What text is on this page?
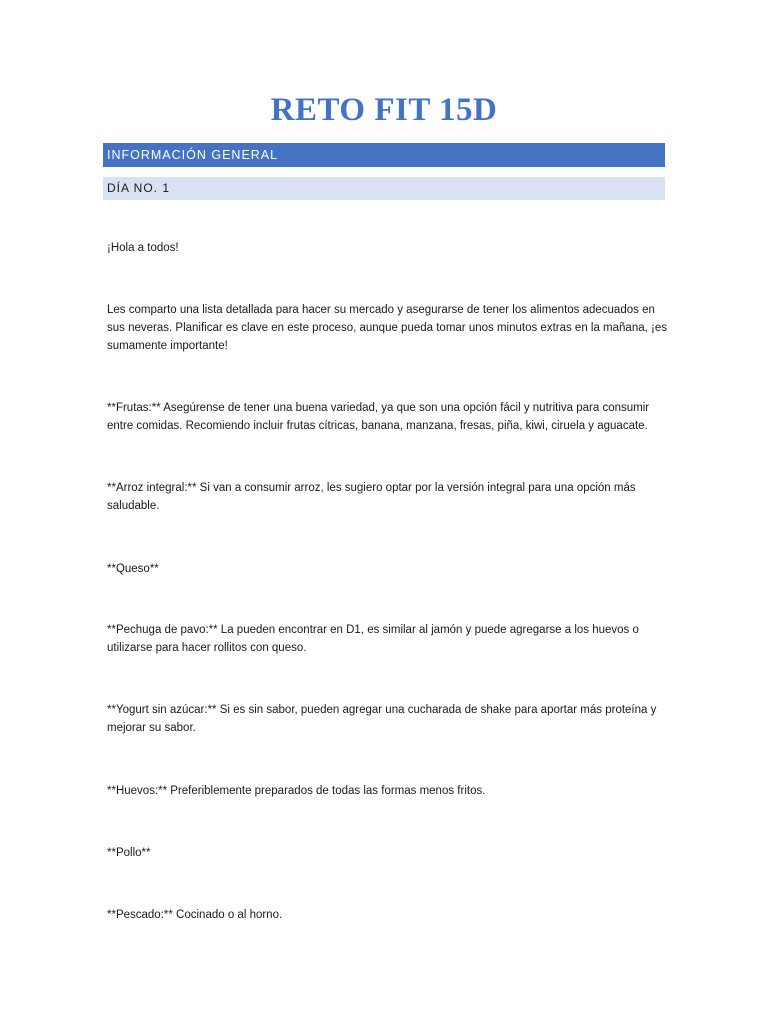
RETO FIT 15D
INFORMACIÓN GENERAL
DÍA NO. 1

¡Hola a todos!

Les comparto una lista detallada para hacer su mercado y asegurarse de tener los alimentos adecuados en sus neveras. Planificar es clave en este proceso, aunque pueda tomar unos minutos extras en la mañana, ¡es sumamente importante!

**Frutas:** Asegúrense de tener una buena variedad, ya que son una opción fácil y nutritiva para consumir entre comidas. Recomiendo incluir frutas cítricas, banana, manzana, fresas, piña, kiwi, ciruela y aguacate.

**Arroz integral:** Si van a consumir arroz, les sugiero optar por la versión integral para una opción más saludable.

**Queso**

**Pechuga de pavo:** La pueden encontrar en D1, es similar al jamón y puede agregarse a los huevos o utilizarse para hacer rollitos con queso.

**Yogurt sin azúcar:** Si es sin sabor, pueden agregar una cucharada de shake para aportar más proteína y mejorar su sabor.

**Huevos:** Preferiblemente preparados de todas las formas menos fritos.

**Pollo**

**Pescado:** Cocinado o al horno.
